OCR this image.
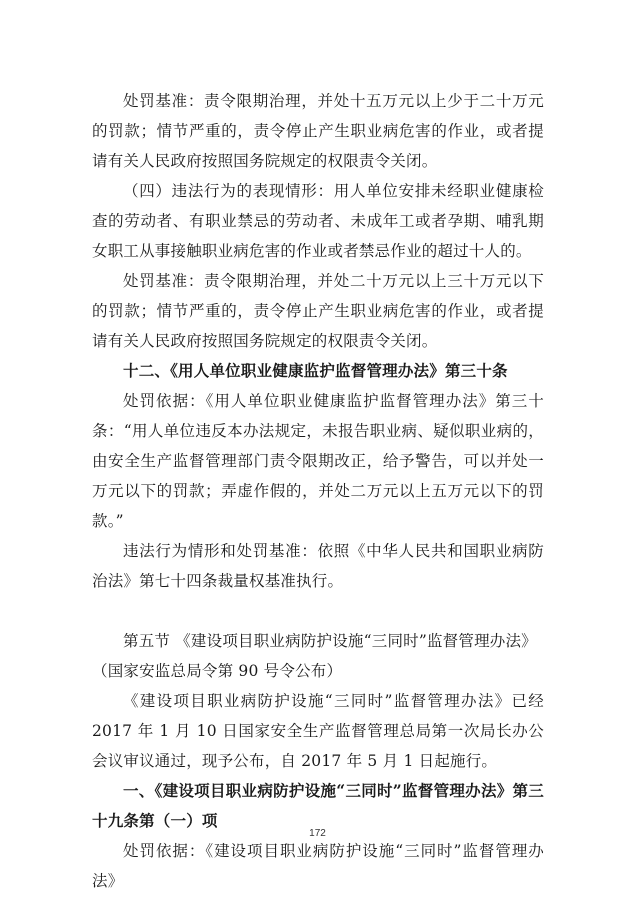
处罚基准：责令限期治理，并处十五万元以上少于二十万元的罚款；情节严重的，责令停止产生职业病危害的作业，或者提请有关人民政府按照国务院规定的权限责令关闭。

（四）违法行为的表现情形：用人单位安排未经职业健康检查的劳动者、有职业禁忌的劳动者、未成年工或者孕期、哺乳期女职工从事接触职业病危害的作业或者禁忌作业的超过十人的。

处罚基准：责令限期治理，并处二十万元以上三十万元以下的罚款；情节严重的，责令停止产生职业病危害的作业，或者提请有关人民政府按照国务院规定的权限责令关闭。

十二、《用人单位职业健康监护监督管理办法》第三十条

处罚依据：《用人单位职业健康监护监督管理办法》第三十条：“用人单位违反本办法规定，未报告职业病、疑似职业病的，由安全生产监督管理部门责令限期改正，给予警告，可以并处一万元以下的罚款；弄虚作假的，并处二万元以上五万元以下的罚款。”

违法行为情形和处罚基准：依照《中华人民共和国职业病防治法》第七十四条裁量权基准执行。

第五节 《建设项目职业病防护设施“三同时”监督管理办法》

（国家安监总局令第 90 号令公布）

《建设项目职业病防护设施“三同时”监督管理办法》已经 2017 年 1 月 10 日国家安全生产监督管理总局第一次局长办公会议审议通过，现予公布，自 2017 年 5 月 1 日起施行。

一、《建设项目职业病防护设施“三同时”监督管理办法》第三十九条第（一）项

处罚依据：《建设项目职业病防护设施“三同时”监督管理办法》

172
